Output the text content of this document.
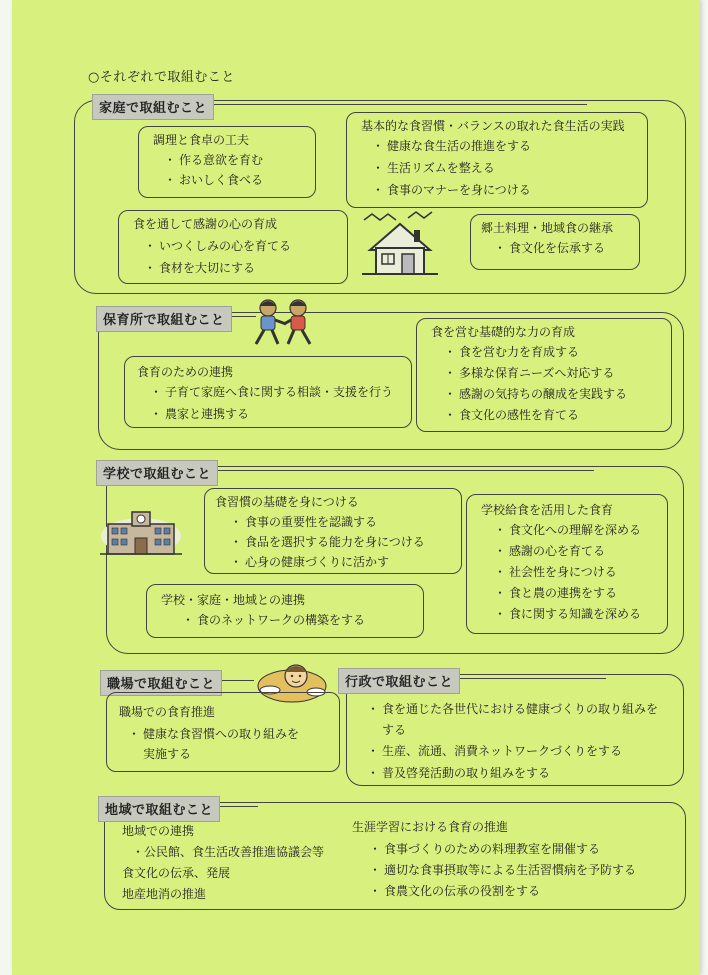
○それぞれで取組むこと
家庭で取組むこと
調理と食卓の工夫
・ 作る意欲を育む
・ おいしく食べる
基本的な食習慣・バランスの取れた食生活の実践
・ 健康な食生活の推進をする
・ 生活リズムを整える
・ 食事のマナーを身につける
食を通して感謝の心の育成
・ いつくしみの心を育てる
・ 食材を大切にする
郷土料理・地域食の継承
・ 食文化を伝承する
保育所で取組むこと
食育のための連携
・ 子育て家庭へ食に関する相談・支援を行う
・ 農家と連携する
食を営む基礎的な力の育成
・ 食を営む力を育成する
・ 多様な保育ニーズへ対応する
・ 感謝の気持ちの醸成を実践する
・ 食文化の感性を育てる
学校で取組むこと
食習慣の基礎を身につける
・ 食事の重要性を認識する
・ 食品を選択する能力を身につける
・ 心身の健康づくりに活かす
学校・家庭・地域との連携
・ 食のネットワークの構築をする
学校給食を活用した食育
・ 食文化への理解を深める
・ 感謝の心を育てる
・ 社会性を身につける
・ 食と農の連携をする
・ 食に関する知識を深める
職場で取組むこと
職場での食育推進
・ 健康な食習慣への取り組みを
実施する
行政で取組むこと
・ 食を通じた各世代における健康づくりの取り組みを
する
・ 生産、流通、消費ネットワークづくりをする
・ 普及啓発活動の取り組みをする
地域で取組むこと
地域での連携
・公民館、食生活改善推進協議会等
食文化の伝承、発展
地産地消の推進
生涯学習における食育の推進
・ 食事づくりのための料理教室を開催する
・ 適切な食事摂取等による生活習慣病を予防する
・ 食農文化の伝承の役割をする
